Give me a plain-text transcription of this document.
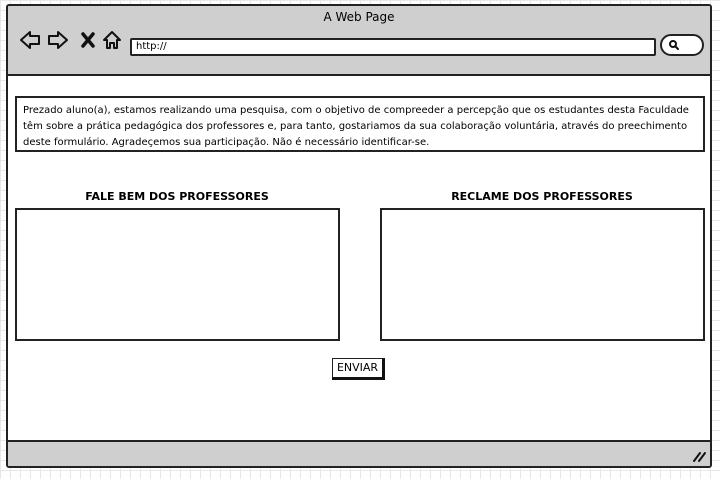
A Web Page
http://
Prezado aluno(a), estamos realizando uma pesquisa, com o objetivo de compreeder a percepção que os estudantes desta Faculdade têm sobre a prática pedagógica dos professores e, para tanto, gostariamos da sua colaboração voluntária, através do preechimento deste formulário. Agradeçemos sua participação. Não é necessário identificar-se.
FALE BEM DOS PROFESSORES	RECLAME DOS PROFESSORES
ENVIAR
